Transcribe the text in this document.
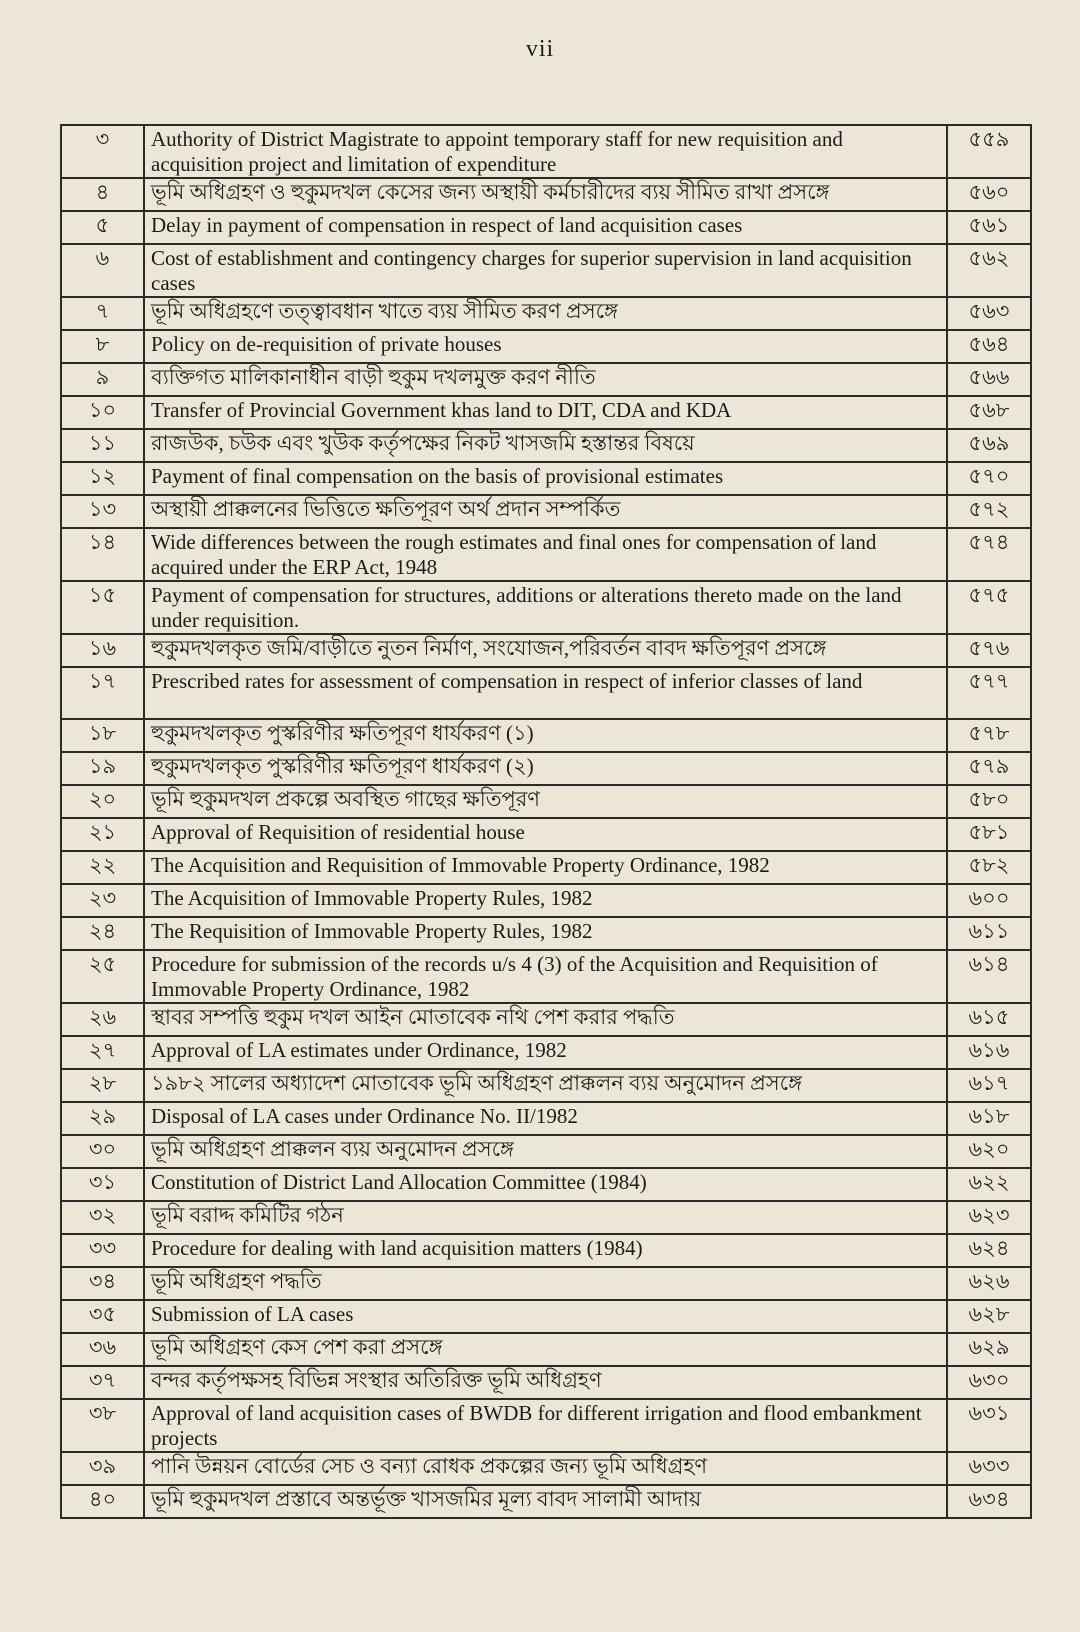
vii
৩	Authority of District Magistrate to appoint temporary staff for new requisition and acquisition project and limitation of expenditure	৫৫৯
৪	ভূমি অধিগ্রহণ ও হুকুমদখল কেসের জন্য অস্থায়ী কর্মচারীদের ব্যয় সীমিত রাখা প্রসঙ্গে	৫৬০
৫	Delay in payment of compensation in respect of land acquisition cases	৫৬১
৬	Cost of establishment and contingency charges for superior supervision in land acquisition cases	৫৬২
৭	ভূমি অধিগ্রহণে তত্ত্বাবধান খাতে ব্যয় সীমিত করণ প্রসঙ্গে	৫৬৩
৮	Policy on de-requisition of private houses	৫৬৪
৯	ব্যক্তিগত মালিকানাধীন বাড়ী হুকুম দখলমুক্ত করণ নীতি	৫৬৬
১০	Transfer of Provincial Government khas land to DIT, CDA and KDA	৫৬৮
১১	রাজউক, চউক এবং খুউক কর্তৃপক্ষের নিকট খাসজমি হস্তান্তর বিষয়ে	৫৬৯
১২	Payment of final compensation on the basis of provisional estimates	৫৭০
১৩	অস্থায়ী প্রাক্কলনের ভিত্তিতে ক্ষতিপূরণ অর্থ প্রদান সম্পর্কিত	৫৭২
১৪	Wide differences between the rough estimates and final ones for compensation of land acquired under the ERP Act, 1948	৫৭৪
১৫	Payment of compensation for structures, additions or alterations thereto made on the land under requisition.	৫৭৫
১৬	হুকুমদখলকৃত জমি/বাড়ীতে নুতন নির্মাণ, সংযোজন,পরিবর্তন বাবদ ক্ষতিপূরণ প্রসঙ্গে	৫৭৬
১৭	Prescribed rates for assessment of compensation in respect of inferior classes of land	৫৭৭
১৮	হুকুমদখলকৃত পুস্করিণীর ক্ষতিপূরণ ধার্যকরণ (১)	৫৭৮
১৯	হুকুমদখলকৃত পুস্করিণীর ক্ষতিপূরণ ধার্যকরণ (২)	৫৭৯
২০	ভূমি হুকুমদখল প্রকল্পে অবস্থিত গাছের ক্ষতিপূরণ	৫৮০
২১	Approval of Requisition of residential house	৫৮১
২২	The Acquisition and Requisition of Immovable Property Ordinance, 1982	৫৮২
২৩	The Acquisition of Immovable Property Rules, 1982	৬০০
২৪	The Requisition of Immovable Property Rules, 1982	৬১১
২৫	Procedure for submission of the records u/s 4 (3) of the Acquisition and Requisition of Immovable Property Ordinance, 1982	৬১৪
২৬	স্থাবর সম্পত্তি হুকুম দখল আইন মোতাবেক নথি পেশ করার পদ্ধতি	৬১৫
২৭	Approval of LA estimates under Ordinance, 1982	৬১৬
২৮	১৯৮২ সালের অধ্যাদেশ মোতাবেক ভূমি অধিগ্রহণ প্রাক্কলন ব্যয় অনুমোদন প্রসঙ্গে	৬১৭
২৯	Disposal of LA cases under Ordinance No. II/1982	৬১৮
৩০	ভূমি অধিগ্রহণ প্রাক্কলন ব্যয় অনুমোদন প্রসঙ্গে	৬২০
৩১	Constitution of District Land Allocation Committee (1984)	৬২২
৩২	ভূমি বরাদ্দ কমিটির গঠন	৬২৩
৩৩	Procedure for dealing with land acquisition matters (1984)	৬২৪
৩৪	ভূমি অধিগ্রহণ পদ্ধতি	৬২৬
৩৫	Submission of LA cases	৬২৮
৩৬	ভূমি অধিগ্রহণ কেস পেশ করা প্রসঙ্গে	৬২৯
৩৭	বন্দর কর্তৃপক্ষসহ বিভিন্ন সংস্থার অতিরিক্ত ভূমি অধিগ্রহণ	৬৩০
৩৮	Approval of land acquisition cases of BWDB for different irrigation and flood embankment projects	৬৩১
৩৯	পানি উন্নয়ন বোর্ডের সেচ ও বন্যা রোধক প্রকল্পের জন্য ভূমি অধিগ্রহণ	৬৩৩
৪০	ভূমি হুকুমদখল প্রস্তাবে অন্তর্ভূক্ত খাসজমির মূল্য বাবদ সালামী আদায়	৬৩৪
